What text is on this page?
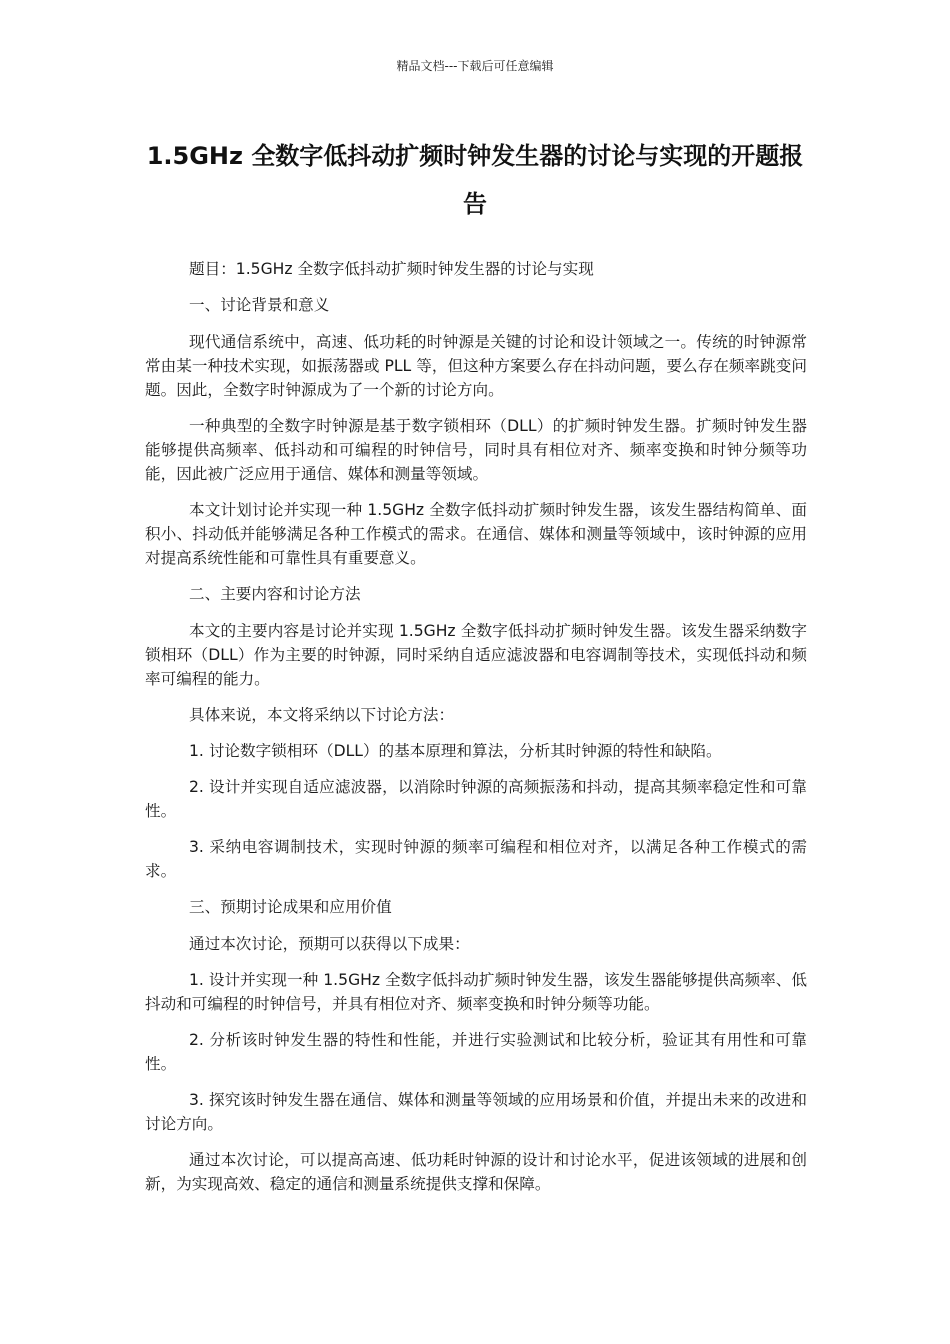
精品文档---下载后可任意编辑
1.5GHz 全数字低抖动扩频时钟发生器的讨论与实现的开题报告

题目：1.5GHz 全数字低抖动扩频时钟发生器的讨论与实现

一、讨论背景和意义

现代通信系统中，高速、低功耗的时钟源是关键的讨论和设计领域之一。传统的时钟源常常由某一种技术实现，如振荡器或 PLL 等，但这种方案要么存在抖动问题，要么存在频率跳变问题。因此，全数字时钟源成为了一个新的讨论方向。

一种典型的全数字时钟源是基于数字锁相环（DLL）的扩频时钟发生器。扩频时钟发生器能够提供高频率、低抖动和可编程的时钟信号，同时具有相位对齐、频率变换和时钟分频等功能，因此被广泛应用于通信、媒体和测量等领域。

本文计划讨论并实现一种 1.5GHz 全数字低抖动扩频时钟发生器，该发生器结构简单、面积小、抖动低并能够满足各种工作模式的需求。在通信、媒体和测量等领域中，该时钟源的应用对提高系统性能和可靠性具有重要意义。

二、主要内容和讨论方法

本文的主要内容是讨论并实现 1.5GHz 全数字低抖动扩频时钟发生器。该发生器采纳数字锁相环（DLL）作为主要的时钟源，同时采纳自适应滤波器和电容调制等技术，实现低抖动和频率可编程的能力。

具体来说，本文将采纳以下讨论方法：

1. 讨论数字锁相环（DLL）的基本原理和算法，分析其时钟源的特性和缺陷。

2. 设计并实现自适应滤波器，以消除时钟源的高频振荡和抖动，提高其频率稳定性和可靠性。

3. 采纳电容调制技术，实现时钟源的频率可编程和相位对齐，以满足各种工作模式的需求。

三、预期讨论成果和应用价值

通过本次讨论，预期可以获得以下成果：

1. 设计并实现一种 1.5GHz 全数字低抖动扩频时钟发生器，该发生器能够提供高频率、低抖动和可编程的时钟信号，并具有相位对齐、频率变换和时钟分频等功能。

2. 分析该时钟发生器的特性和性能，并进行实验测试和比较分析，验证其有用性和可靠性。

3. 探究该时钟发生器在通信、媒体和测量等领域的应用场景和价值，并提出未来的改进和讨论方向。

通过本次讨论，可以提高高速、低功耗时钟源的设计和讨论水平，促进该领域的进展和创新，为实现高效、稳定的通信和测量系统提供支撑和保障。
